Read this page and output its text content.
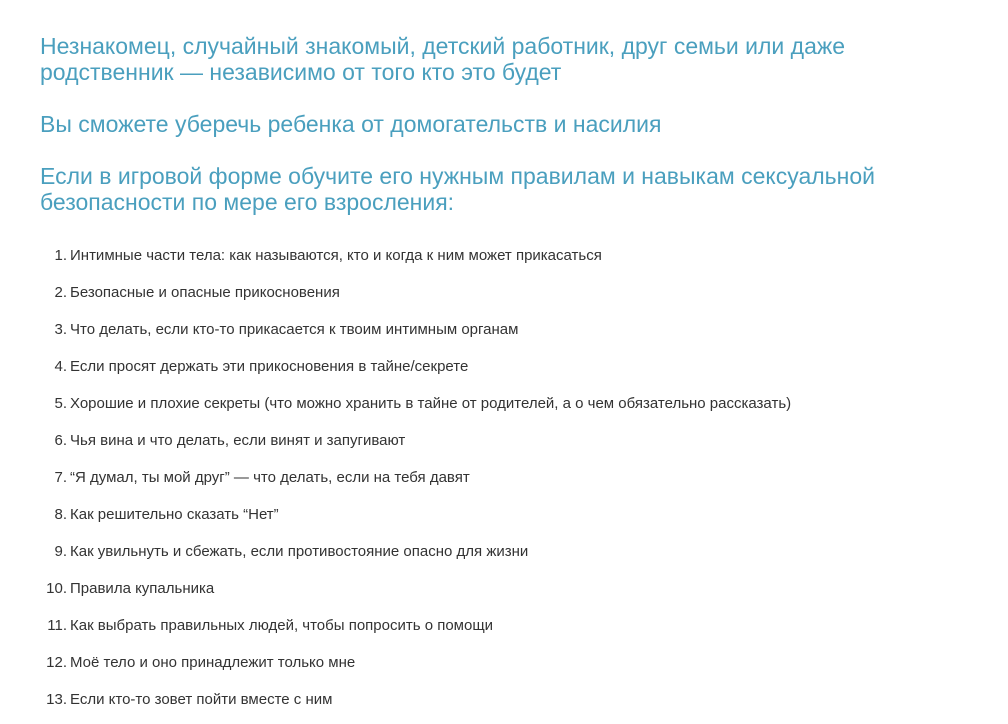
Незнакомец, случайный знакомый, детский работник, друг семьи или даже родственник — независимо от того кто это будет
Вы сможете уберечь ребенка от домогательств и насилия
Если в игровой форме обучите его нужным правилам и навыкам сексуальной безопасности по мере его взросления:
1. Интимные части тела: как называются, кто и когда к ним может прикасаться
2. Безопасные и опасные прикосновения
3. Что делать, если кто-то прикасается к твоим интимным органам
4. Если просят держать эти прикосновения в тайне/секрете
5. Хорошие и плохие секреты (что можно хранить в тайне от родителей, а о чем обязательно рассказать)
6. Чья вина и что делать, если винят и запугивают
7. “Я думал, ты мой друг” — что делать, если на тебя давят
8. Как решительно сказать “Нет”
9. Как увильнуть и сбежать, если противостояние опасно для жизни
10. Правила купальника
11. Как выбрать правильных людей, чтобы попросить о помощи
12. Моё тело и оно принадлежит только мне
13. Если кто-то зовет пойти вместе с ним
